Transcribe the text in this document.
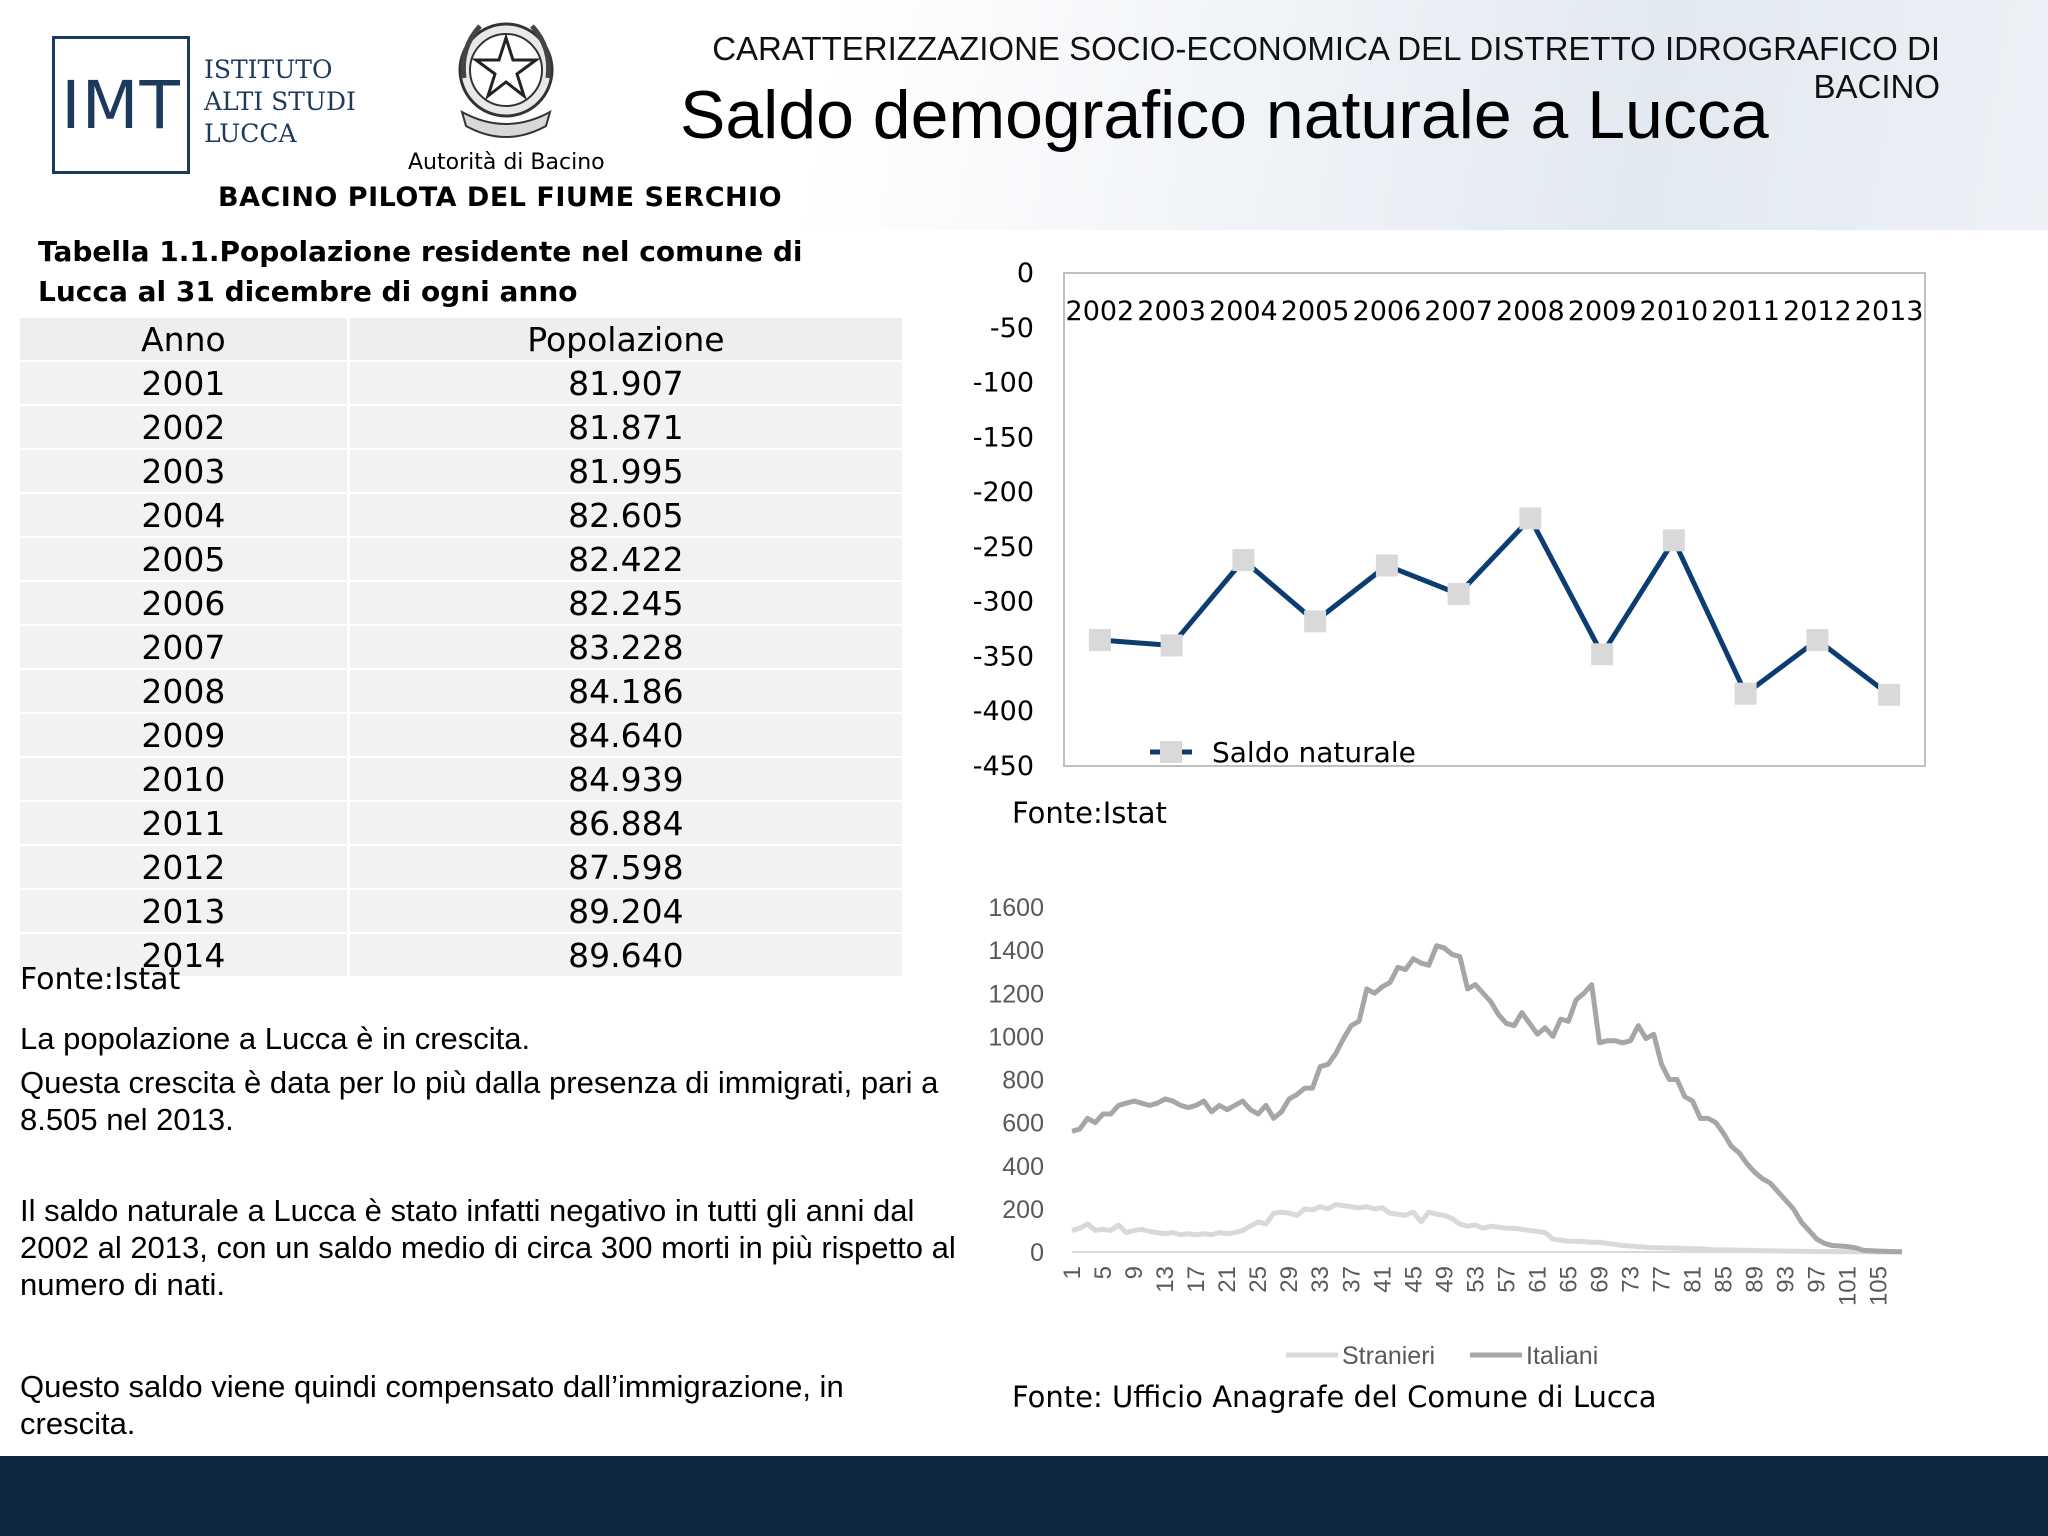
IMT ISTITUTO
ALTI STUDI
LUCCA
Autorità di Bacino
BACINO PILOTA DEL FIUME SERCHIO
CARATTERIZZAZIONE SOCIO-ECONOMICA DEL DISTRETTO IDROGRAFICO DI BACINO
Saldo demografico naturale a Lucca
Tabella 1.1.Popolazione residente nel comune di Lucca al 31 dicembre di ogni anno
Anno	Popolazione
2001	81.907
2002	81.871
2003	81.995
2004	82.605
2005	82.422
2006	82.245
2007	83.228
2008	84.186
2009	84.640
2010	84.939
2011	86.884
2012	87.598
2013	89.204
2014	89.640
Fonte:Istat
La popolazione a Lucca è in crescita.
Questa crescita è data per lo più dalla presenza di immigrati, pari a 8.505 nel 2013.
Il saldo naturale a Lucca è stato infatti negativo in tutti gli anni dal 2002 al 2013, con un saldo medio di circa 300 morti in più rispetto al numero di nati.
Questo saldo viene quindi compensato dall’immigrazione, in crescita.
0
-50
-100
-150
-200
-250
-300
-350
-400
-450
2002 2003 2004 2005 2006 2007 2008 2009 2010 2011 2012 2013
Saldo naturale
Fonte:Istat
0
200
400
600
800
1000
1200
1400
1600
1 5 9 13 17 21 25 29 33 37 41 45 49 53 57 61 65 69 73 77 81 85 89 93 97 101 105
Stranieri	Italiani
Fonte: Ufficio Anagrafe del Comune di Lucca
